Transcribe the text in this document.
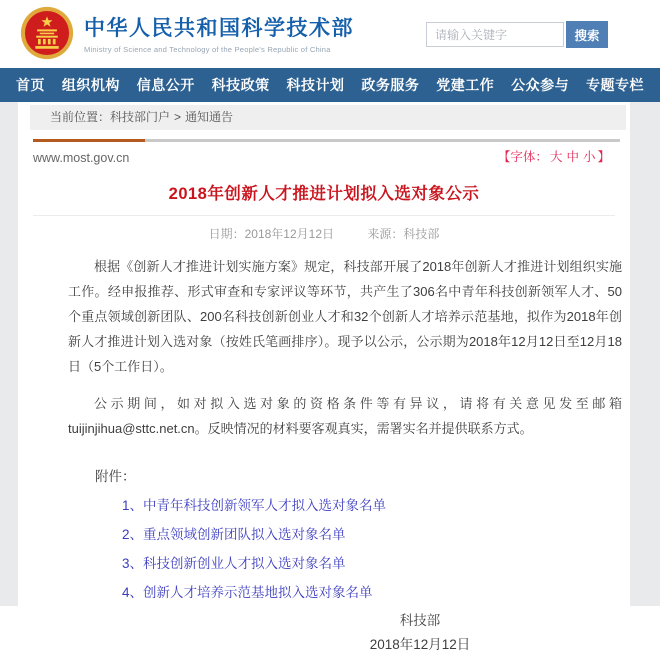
中华人民共和国科学技术部
Ministry of Science and Technology of the People's Republic of China
请输入关键字
搜索
首页 组织机构 信息公开 科技政策 科技计划 政务服务 党建工作 公众参与 专题专栏
当前位置：科技部门户 > 通知通告
www.most.gov.cn	【字体： 大 中 小 】
2018年创新人才推进计划拟入选对象公示
日期：2018年12月12日	来源：科技部

根据《创新人才推进计划实施方案》规定，科技部开展了2018年创新人才推进计划组织实施工作。经申报推荐、形式审查和专家评议等环节，共产生了306名中青年科技创新领军人才、50个重点领域创新团队、200名科技创新创业人才和32个创新人才培养示范基地，拟作为2018年创新人才推进计划入选对象（按姓氏笔画排序）。现予以公示，公示期为2018年12月12日至12月18日（5个工作日）。

公示期间，如对拟入选对象的资格条件等有异议，请将有关意见发至邮箱tuijinjihua@sttc.net.cn。反映情况的材料要客观真实，需署实名并提供联系方式。

附件：
1、中青年科技创新领军人才拟入选对象名单
2、重点领域创新团队拟入选对象名单
3、科技创新创业人才拟入选对象名单
4、创新人才培养示范基地拟入选对象名单
科技部
2018年12月12日
